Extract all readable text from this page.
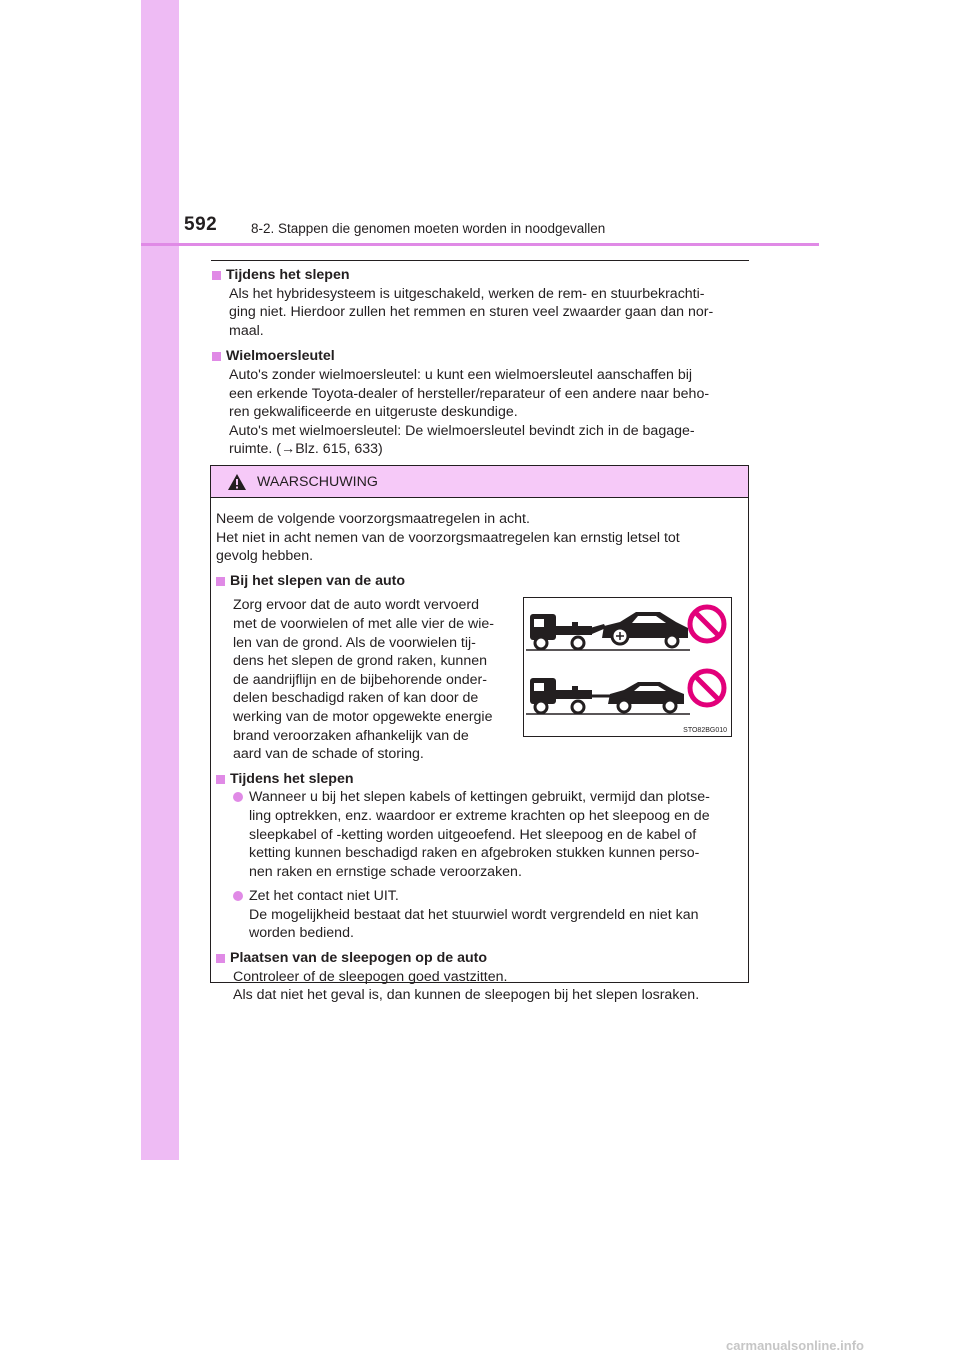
592	8-2. Stappen die genomen moeten worden in noodgevallen
Tijdens het slepen
Als het hybridesysteem is uitgeschakeld, werken de rem- en stuurbekrachti-
ging niet. Hierdoor zullen het remmen en sturen veel zwaarder gaan dan nor-
maal.
Wielmoersleutel
Auto's zonder wielmoersleutel: u kunt een wielmoersleutel aanschaffen bij
een erkende Toyota-dealer of hersteller/reparateur of een andere naar beho-
ren gekwalificeerde en uitgeruste deskundige.
Auto's met wielmoersleutel: De wielmoersleutel bevindt zich in de bagage-
ruimte. (→Blz. 615, 633)
WAARSCHUWING
Neem de volgende voorzorgsmaatregelen in acht.
Het niet in acht nemen van de voorzorgsmaatregelen kan ernstig letsel tot
gevolg hebben.
Bij het slepen van de auto
Zorg ervoor dat de auto wordt vervoerd
met de voorwielen of met alle vier de wie-
len van de grond. Als de voorwielen tij-
dens het slepen de grond raken, kunnen
de aandrijflijn en de bijbehorende onder-
delen beschadigd raken of kan door de
werking van de motor opgewekte energie
brand veroorzaken afhankelijk van de
aard van de schade of storing.
Tijdens het slepen
Wanneer u bij het slepen kabels of kettingen gebruikt, vermijd dan plotse-
ling optrekken, enz. waardoor er extreme krachten op het sleepoog en de
sleepkabel of -ketting worden uitgeoefend. Het sleepoog en de kabel of
ketting kunnen beschadigd raken en afgebroken stukken kunnen perso-
nen raken en ernstige schade veroorzaken.
Zet het contact niet UIT.
De mogelijkheid bestaat dat het stuurwiel wordt vergrendeld en niet kan
worden bediend.
Plaatsen van de sleepogen op de auto
Controleer of de sleepogen goed vastzitten.
Als dat niet het geval is, dan kunnen de sleepogen bij het slepen losraken.
STO82BG010
carmanualsonline.info
